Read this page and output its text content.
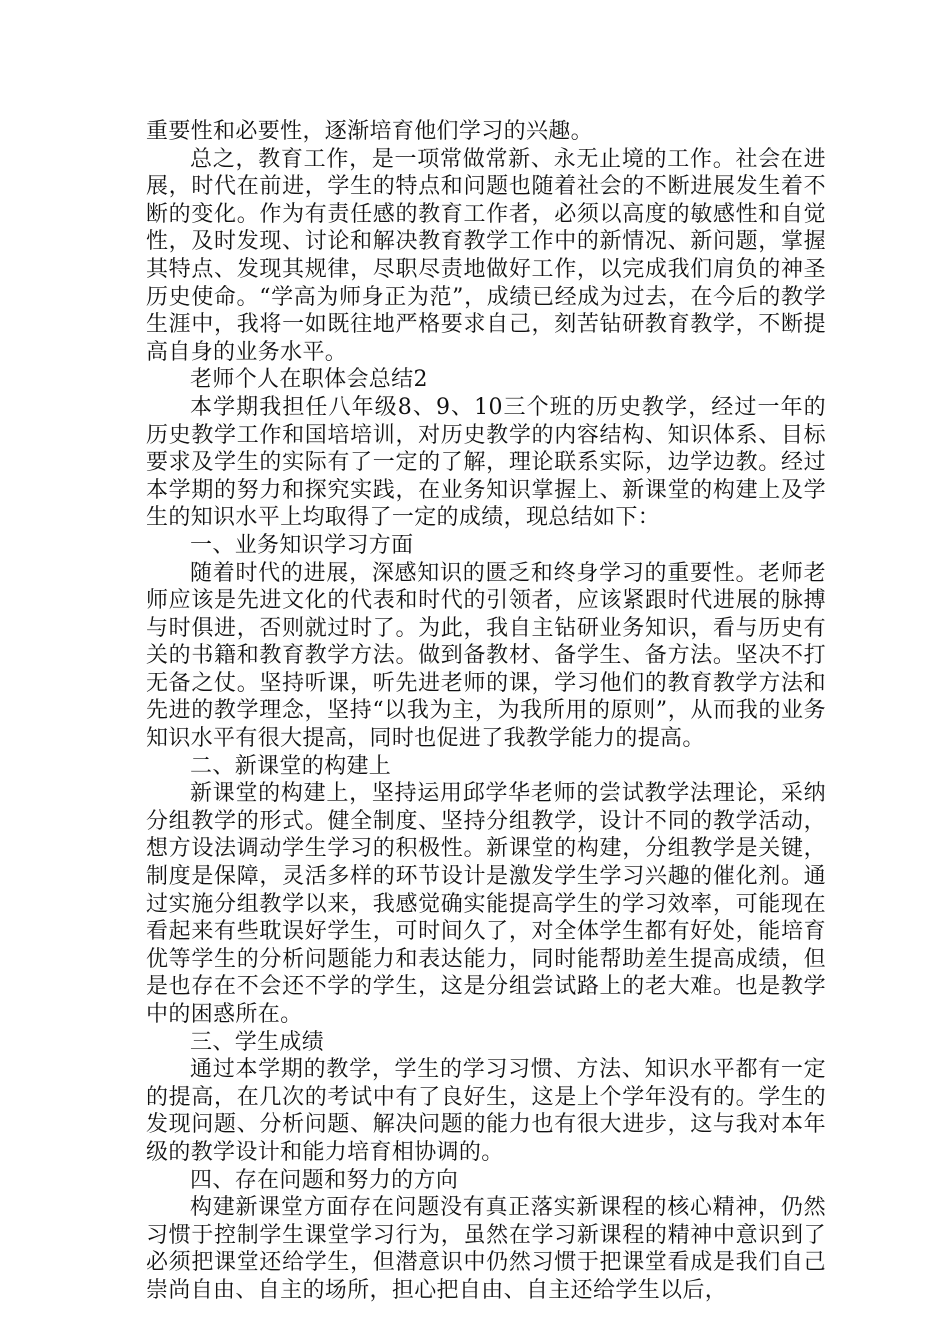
重要性和必要性，逐渐培育他们学习的兴趣。

总之，教育工作，是一项常做常新、永无止境的工作。社会在进展，时代在前进，学生的特点和问题也随着社会的不断进展发生着不断的变化。作为有责任感的教育工作者，必须以高度的敏感性和自觉性，及时发现、讨论和解决教育教学工作中的新情况、新问题，掌握其特点、发现其规律，尽职尽责地做好工作，以完成我们肩负的神圣历史使命。“学高为师身正为范”，成绩已经成为过去，在今后的教学生涯中，我将一如既往地严格要求自己，刻苦钻研教育教学，不断提高自身的业务水平。

老师个人在职体会总结2

本学期我担任八年级8、9、10三个班的历史教学，经过一年的历史教学工作和国培培训，对历史教学的内容结构、知识体系、目标要求及学生的实际有了一定的了解，理论联系实际，边学边教。经过本学期的努力和探究实践，在业务知识掌握上、新课堂的构建上及学生的知识水平上均取得了一定的成绩，现总结如下：

一、业务知识学习方面

随着时代的进展，深感知识的匮乏和终身学习的重要性。老师老师应该是先进文化的代表和时代的引领者，应该紧跟时代进展的脉搏与时俱进，否则就过时了。为此，我自主钻研业务知识，看与历史有关的书籍和教育教学方法。做到备教材、备学生、备方法。坚决不打无备之仗。坚持听课，听先进老师的课，学习他们的教育教学方法和先进的教学理念，坚持“以我为主，为我所用的原则”，从而我的业务知识水平有很大提高，同时也促进了我教学能力的提高。

二、新课堂的构建上

新课堂的构建上，坚持运用邱学华老师的尝试教学法理论，采纳分组教学的形式。健全制度、坚持分组教学，设计不同的教学活动，想方设法调动学生学习的积极性。新课堂的构建，分组教学是关键，制度是保障，灵活多样的环节设计是激发学生学习兴趣的催化剂。通过实施分组教学以来，我感觉确实能提高学生的学习效率，可能现在看起来有些耽误好学生，可时间久了，对全体学生都有好处，能培育优等学生的分析问题能力和表达能力，同时能帮助差生提高成绩，但是也存在不会还不学的学生，这是分组尝试路上的老大难。也是教学中的困惑所在。

三、学生成绩

通过本学期的教学，学生的学习习惯、方法、知识水平都有一定的提高，在几次的考试中有了良好生，这是上个学年没有的。学生的发现问题、分析问题、解决问题的能力也有很大进步，这与我对本年级的教学设计和能力培育相协调的。

四、存在问题和努力的方向

构建新课堂方面存在问题没有真正落实新课程的核心精神，仍然习惯于控制学生课堂学习行为，虽然在学习新课程的精神中意识到了必须把课堂还给学生，但潜意识中仍然习惯于把课堂看成是我们自己崇尚自由、自主的场所，担心把自由、自主还给学生以后，
